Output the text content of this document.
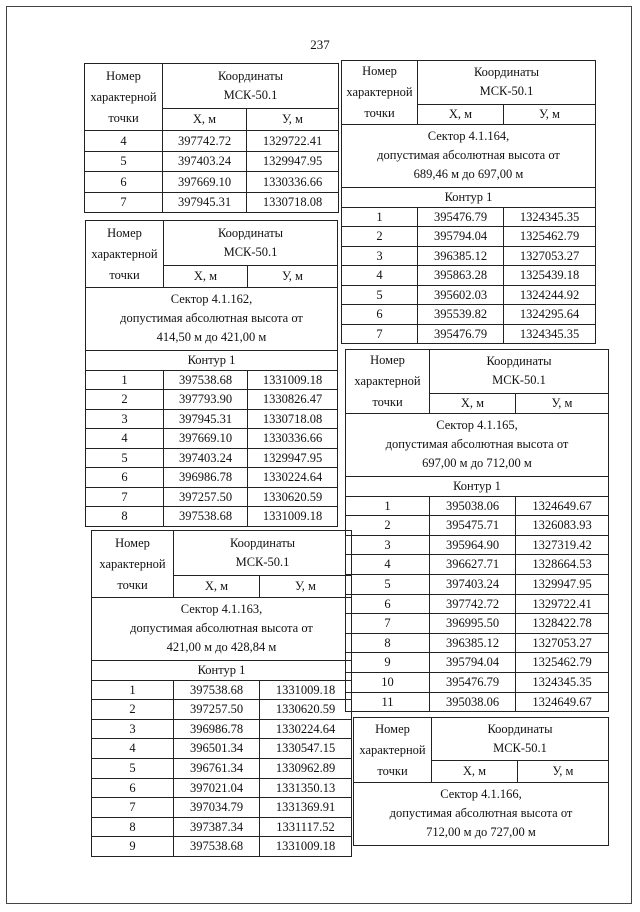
237
Номер
характерной
точки	Координаты
МСК-50.1	
	Х, м	У, м
4	397742.72	1329722.41
5	397403.24	1329947.95
6	397669.10	1330336.66
7	397945.31	1330718.08
Номер
характерной
точки	Координаты
МСК-50.1	
	Х, м	У, м
Сектор 4.1.162,
допустимая абсолютная высота от
414,50 м до 421,00 м		
Контур 1		
1	397538.68	1331009.18
2	397793.90	1330826.47
3	397945.31	1330718.08
4	397669.10	1330336.66
5	397403.24	1329947.95
6	396986.78	1330224.64
7	397257.50	1330620.59
8	397538.68	1331009.18
Номер
характерной
точки	Координаты
МСК-50.1	
	Х, м	У, м
Сектор 4.1.163,
допустимая абсолютная высота от
421,00 м до 428,84 м		
Контур 1		
1	397538.68	1331009.18
2	397257.50	1330620.59
3	396986.78	1330224.64
4	396501.34	1330547.15
5	396761.34	1330962.89
6	397021.04	1331350.13
7	397034.79	1331369.91
8	397387.34	1331117.52
9	397538.68	1331009.18
Номер
характерной
точки	Координаты
МСК-50.1	
	Х, м	У, м
Сектор 4.1.164,
допустимая абсолютная высота от
689,46 м до 697,00 м		
Контур 1		
1	395476.79	1324345.35
2	395794.04	1325462.79
3	396385.12	1327053.27
4	395863.28	1325439.18
5	395602.03	1324244.92
6	395539.82	1324295.64
7	395476.79	1324345.35
Номер
характерной
точки	Координаты
МСК-50.1	
	Х, м	У, м
Сектор 4.1.165,
допустимая абсолютная высота от
697,00 м до 712,00 м		
Контур 1		
1	395038.06	1324649.67
2	395475.71	1326083.93
3	395964.90	1327319.42
4	396627.71	1328664.53
5	397403.24	1329947.95
6	397742.72	1329722.41
7	396995.50	1328422.78
8	396385.12	1327053.27
9	395794.04	1325462.79
10	395476.79	1324345.35
11	395038.06	1324649.67
Номер
характерной
точки	Координаты
МСК-50.1	
	Х, м	У, м
Сектор 4.1.166,
допустимая абсолютная высота от
712,00 м до 727,00 м		
